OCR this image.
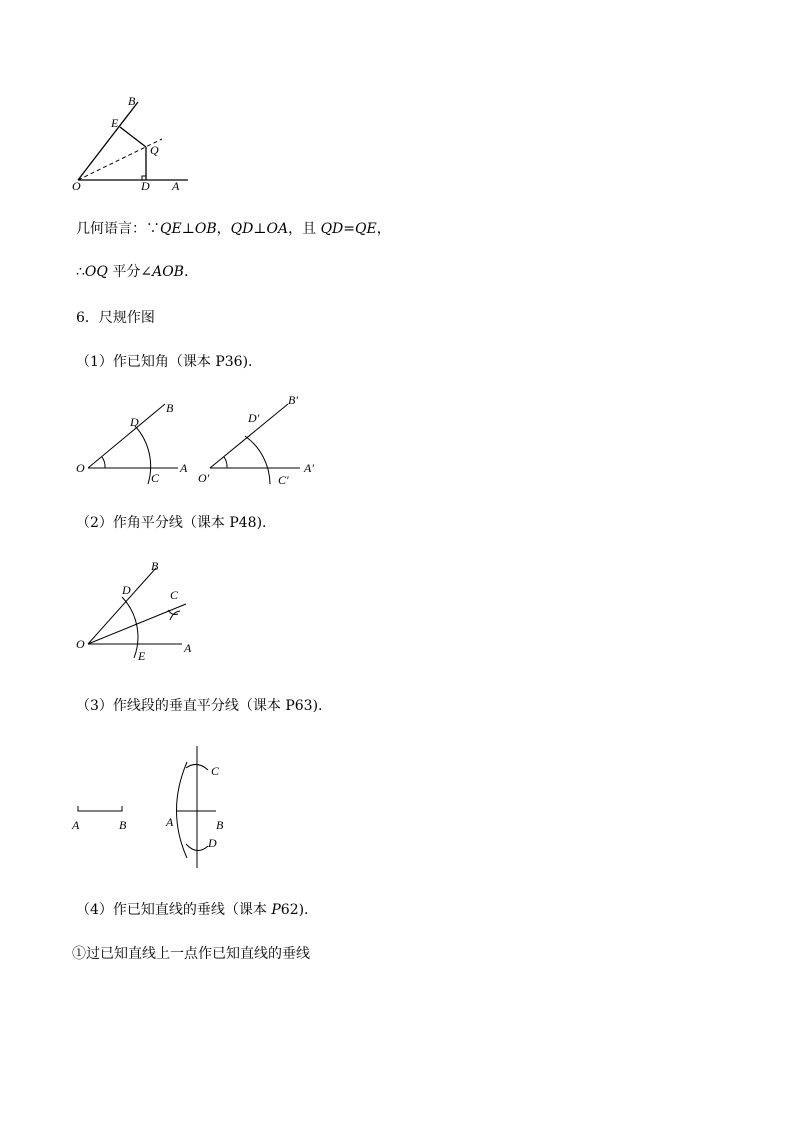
B
E
Q
O	D A
几何语言：∵QE⊥OB，QD⊥OA，且 QD=QE，
∴OQ 平分∠AOB.
6．尺规作图
（1）作已知角（课本 P36).
O
D
B
C
A
O′
D′
B′
C′
A′
（2）作角平分线（课本 P48).
O
D
B
C
E
A
（3）作线段的垂直平分线（课本 P63).
A	B
C
A	B
D
（4）作已知直线的垂线（课本 P62).
①过已知直线上一点作已知直线的垂线
